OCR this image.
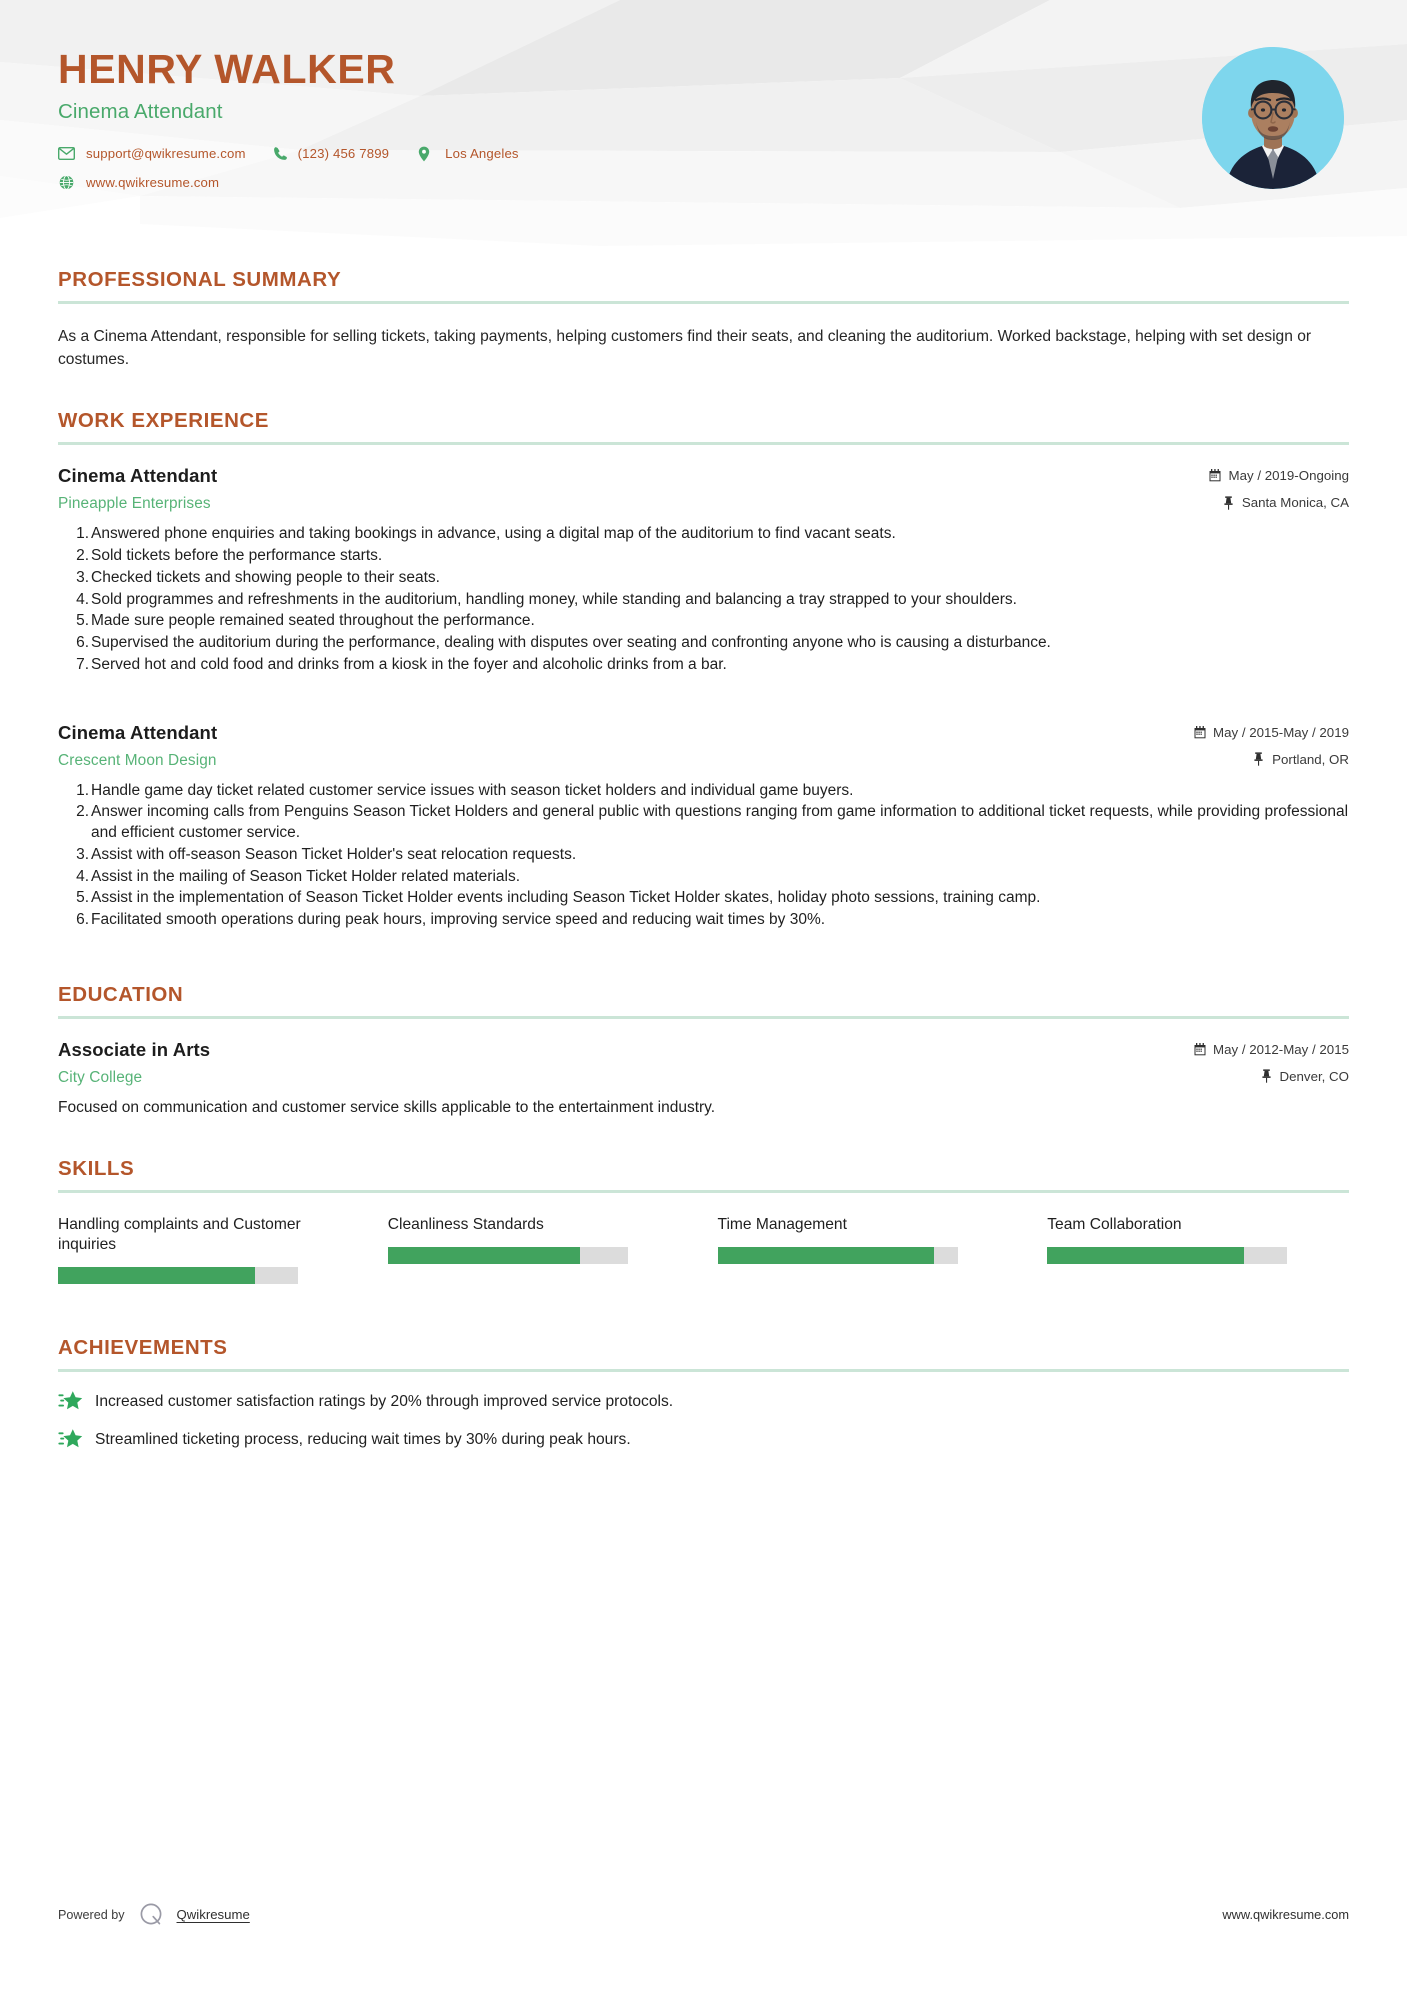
HENRY WALKER
Cinema Attendant
support@qwikresume.com	(123) 456 7899	Los Angeles
www.qwikresume.com
PROFESSIONAL SUMMARY
As a Cinema Attendant, responsible for selling tickets, taking payments, helping customers find their seats, and cleaning the auditorium. Worked backstage, helping with set design or costumes.
WORK EXPERIENCE
Cinema Attendant
Pineapple Enterprises
May / 2019-Ongoing
Santa Monica, CA
Answered phone enquiries and taking bookings in advance, using a digital map of the auditorium to find vacant seats.
Sold tickets before the performance starts.
Checked tickets and showing people to their seats.
Sold programmes and refreshments in the auditorium, handling money, while standing and balancing a tray strapped to your shoulders.
Made sure people remained seated throughout the performance.
Supervised the auditorium during the performance, dealing with disputes over seating and confronting anyone who is causing a disturbance.
Served hot and cold food and drinks from a kiosk in the foyer and alcoholic drinks from a bar.
Cinema Attendant
Crescent Moon Design
May / 2015-May / 2019
Portland, OR
Handle game day ticket related customer service issues with season ticket holders and individual game buyers.
Answer incoming calls from Penguins Season Ticket Holders and general public with questions ranging from game information to additional ticket requests, while providing professional and efficient customer service.
Assist with off-season Season Ticket Holder's seat relocation requests.
Assist in the mailing of Season Ticket Holder related materials.
Assist in the implementation of Season Ticket Holder events including Season Ticket Holder skates, holiday photo sessions, training camp.
Facilitated smooth operations during peak hours, improving service speed and reducing wait times by 30%.
EDUCATION
Associate in Arts
City College
May / 2012-May / 2015
Denver, CO
Focused on communication and customer service skills applicable to the entertainment industry.
SKILLS
Handling complaints and Customer inquiries
Cleanliness Standards	Time Management	Team Collaboration
ACHIEVEMENTS
Increased customer satisfaction ratings by 20% through improved service protocols.
Streamlined ticketing process, reducing wait times by 30% during peak hours.
Powered by	Qwikresume	www.qwikresume.com
